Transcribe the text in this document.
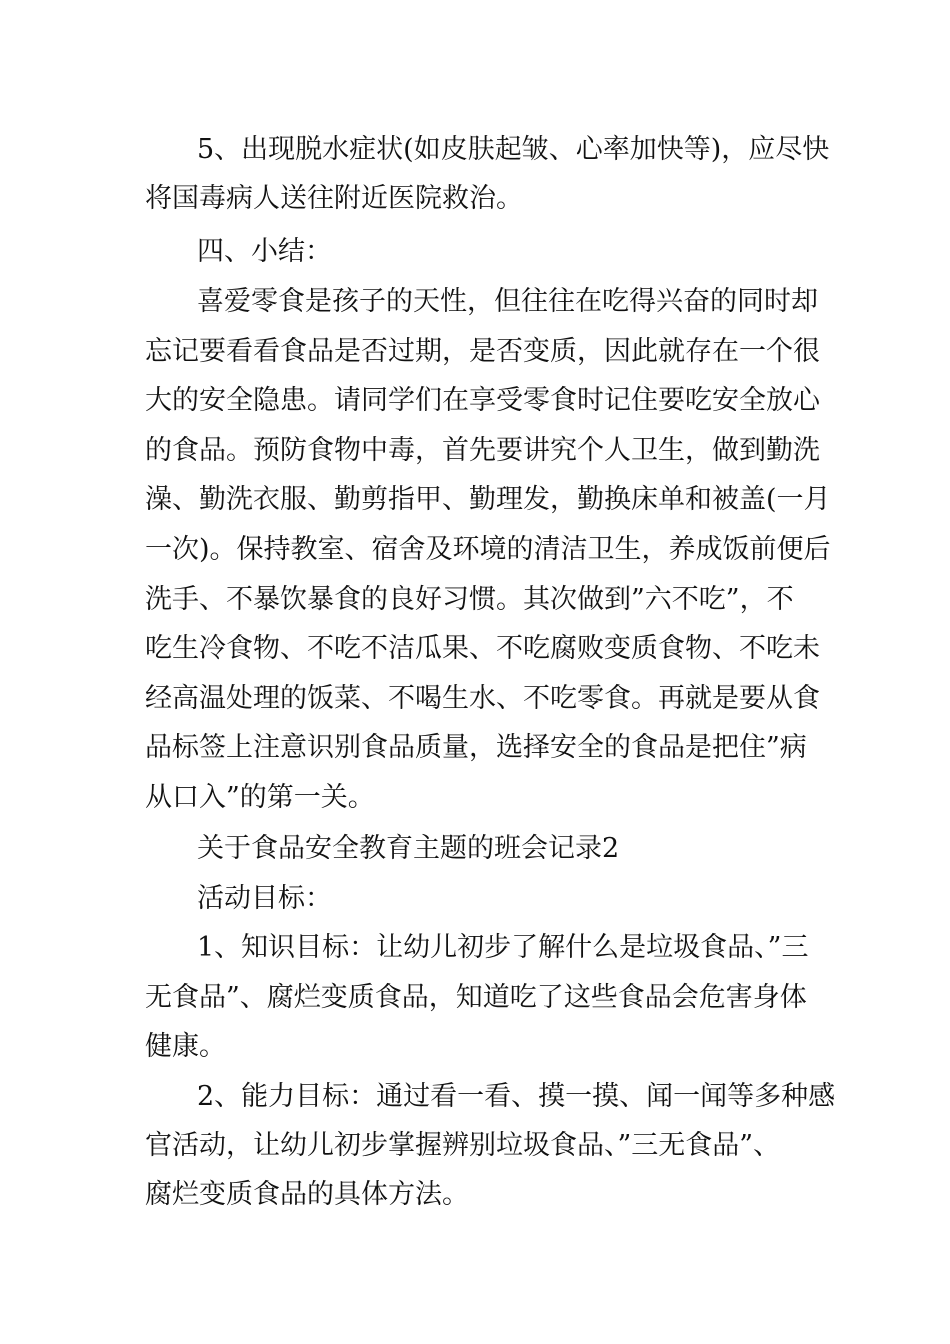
5、出现脱水症状(如皮肤起皱、心率加快等)，应尽快
将国毒病人送往附近医院救治。
四、小结：
喜爱零食是孩子的天性，但往往在吃得兴奋的同时却
忘记要看看食品是否过期，是否变质，因此就存在一个很
大的安全隐患。请同学们在享受零食时记住要吃安全放心
的食品。预防食物中毒，首先要讲究个人卫生，做到勤洗
澡、勤洗衣服、勤剪指甲、勤理发，勤换床单和被盖(一月
一次)。保持教室、宿舍及环境的清洁卫生，养成饭前便后
洗手、不暴饮暴食的良好习惯。其次做到”六不吃”，不
吃生冷食物、不吃不洁瓜果、不吃腐败变质食物、不吃未
经高温处理的饭菜、不喝生水、不吃零食。再就是要从食
品标签上注意识别食品质量，选择安全的食品是把住”病
从口入”的第一关。
关于食品安全教育主题的班会记录2
活动目标：
1、知识目标：让幼儿初步了解什么是垃圾食品、”三
无食品”、腐烂变质食品，知道吃了这些食品会危害身体
健康。
2、能力目标：通过看一看、摸一摸、闻一闻等多种感
官活动，让幼儿初步掌握辨别垃圾食品、”三无食品”、
腐烂变质食品的具体方法。
